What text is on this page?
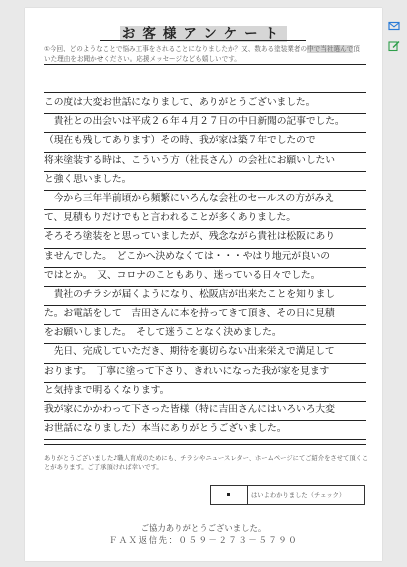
お客様アンケート
①今回、どのようなことで悩み工事をされることになりましたか？又、数ある塗装業者の中で当社選んで頂いた理由をお聞かせください。応援メッセージなども嬉しいです。
この度は大変お世話になりまして、ありがとうございました。
　貴社との出会いは平成２６年４月２７日の中日新聞の記事でした。
（現在も残してあります）その時、我が家は築７年でしたので
将来塗装する時は、こういう方（社長さん）の会社にお願いしたい
と強く思いました。
　今から三年半前頃から頻繁にいろんな会社のセールスの方がみえ
て、見積もりだけでもと言われることが多くありました。
そろそろ塗装をと思っていましたが、残念ながら貴社は松阪にあり
ませんでした。　どこかへ決めなくては・・・やはり地元が良いの
ではとか。　又、コロナのこともあり、迷っている日々でした。
　貴社のチラシが届くようになり、松阪店が出来たことを知りまし
た。お電話をして　吉田さんに本を持ってきて頂き、その日に見積
をお願いしました。　そして迷うことなく決めました。
　先日、完成していただき、期待を裏切らない出来栄えで満足して
おります。　丁寧に塗って下さり、きれいになった我が家を見ます
と気持まで明るくなります。
我が家にかかわって下さった皆様（特に吉田さんにはいろいろ大変
お世話になりました）本当にありがとうございました。
ありがとうございました♪職人育成のためにも、チラシやニュースレター、ホームページにてご紹介をさせて頂くことがあります。ご了承頂ければ幸いです。
はいよわかりました（チェック）
ご協力ありがとうございました。
ＦＡＸ返信先：０５９－２７３－５７９０
